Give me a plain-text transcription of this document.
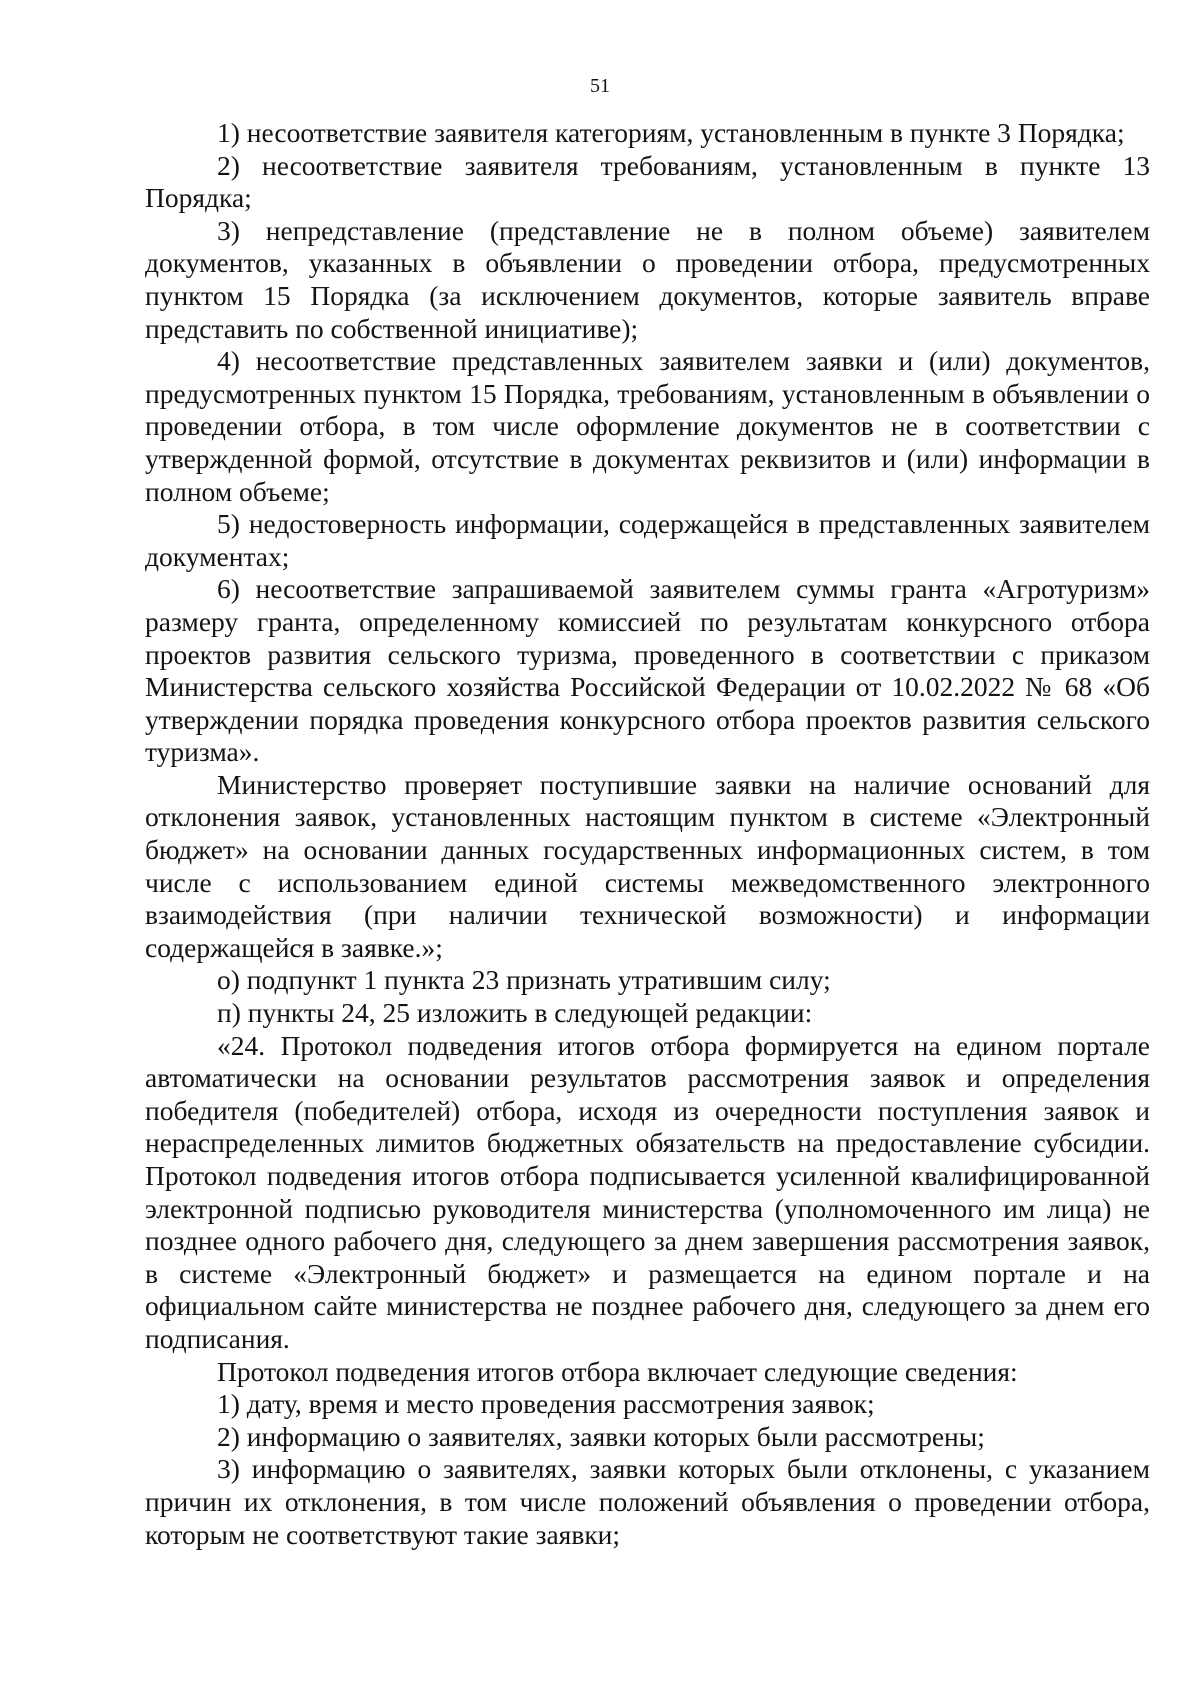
51

1) несоответствие заявителя категориям, установленным в пункте 3 Порядка;

2) несоответствие заявителя требованиям, установленным в пункте 13 Порядка;

3) непредставление (представление не в полном объеме) заявителем документов, указанных в объявлении о проведении отбора, предусмотренных пунктом 15 Порядка (за исключением документов, которые заявитель вправе представить по собственной инициативе);

4) несоответствие представленных заявителем заявки и (или) документов, предусмотренных пунктом 15 Порядка, требованиям, установленным в объявлении о проведении отбора, в том числе оформление документов не в соответствии с утвержденной формой, отсутствие в документах реквизитов и (или) информации в полном объеме;

5) недостоверность информации, содержащейся в представленных заявителем документах;

6) несоответствие запрашиваемой заявителем суммы гранта «Агротуризм» размеру гранта, определенному комиссией по результатам конкурсного отбора проектов развития сельского туризма, проведенного в соответствии с приказом Министерства сельского хозяйства Российской Федерации от 10.02.2022 № 68 «Об утверждении порядка проведения конкурсного отбора проектов развития сельского туризма».

Министерство проверяет поступившие заявки на наличие оснований для отклонения заявок, установленных настоящим пунктом в системе «Электронный бюджет» на основании данных государственных информационных систем, в том числе с использованием единой системы межведомственного электронного взаимодействия (при наличии технической возможности) и информации содержащейся в заявке.»;

о) подпункт 1 пункта 23 признать утратившим силу;

п) пункты 24, 25 изложить в следующей редакции:

«24. Протокол подведения итогов отбора формируется на едином портале автоматически на основании результатов рассмотрения заявок и определения победителя (победителей) отбора, исходя из очередности поступления заявок и нераспределенных лимитов бюджетных обязательств на предоставление субсидии. Протокол подведения итогов отбора подписывается усиленной квалифицированной электронной подписью руководителя министерства (уполномоченного им лица) не позднее одного рабочего дня, следующего за днем завершения рассмотрения заявок, в системе «Электронный бюджет» и размещается на едином портале и на официальном сайте министерства не позднее рабочего дня, следующего за днем его подписания.

Протокол подведения итогов отбора включает следующие сведения:

1) дату, время и место проведения рассмотрения заявок;

2) информацию о заявителях, заявки которых были рассмотрены;

3) информацию о заявителях, заявки которых были отклонены, с указанием причин их отклонения, в том числе положений объявления о проведении отбора, которым не соответствуют такие заявки;
